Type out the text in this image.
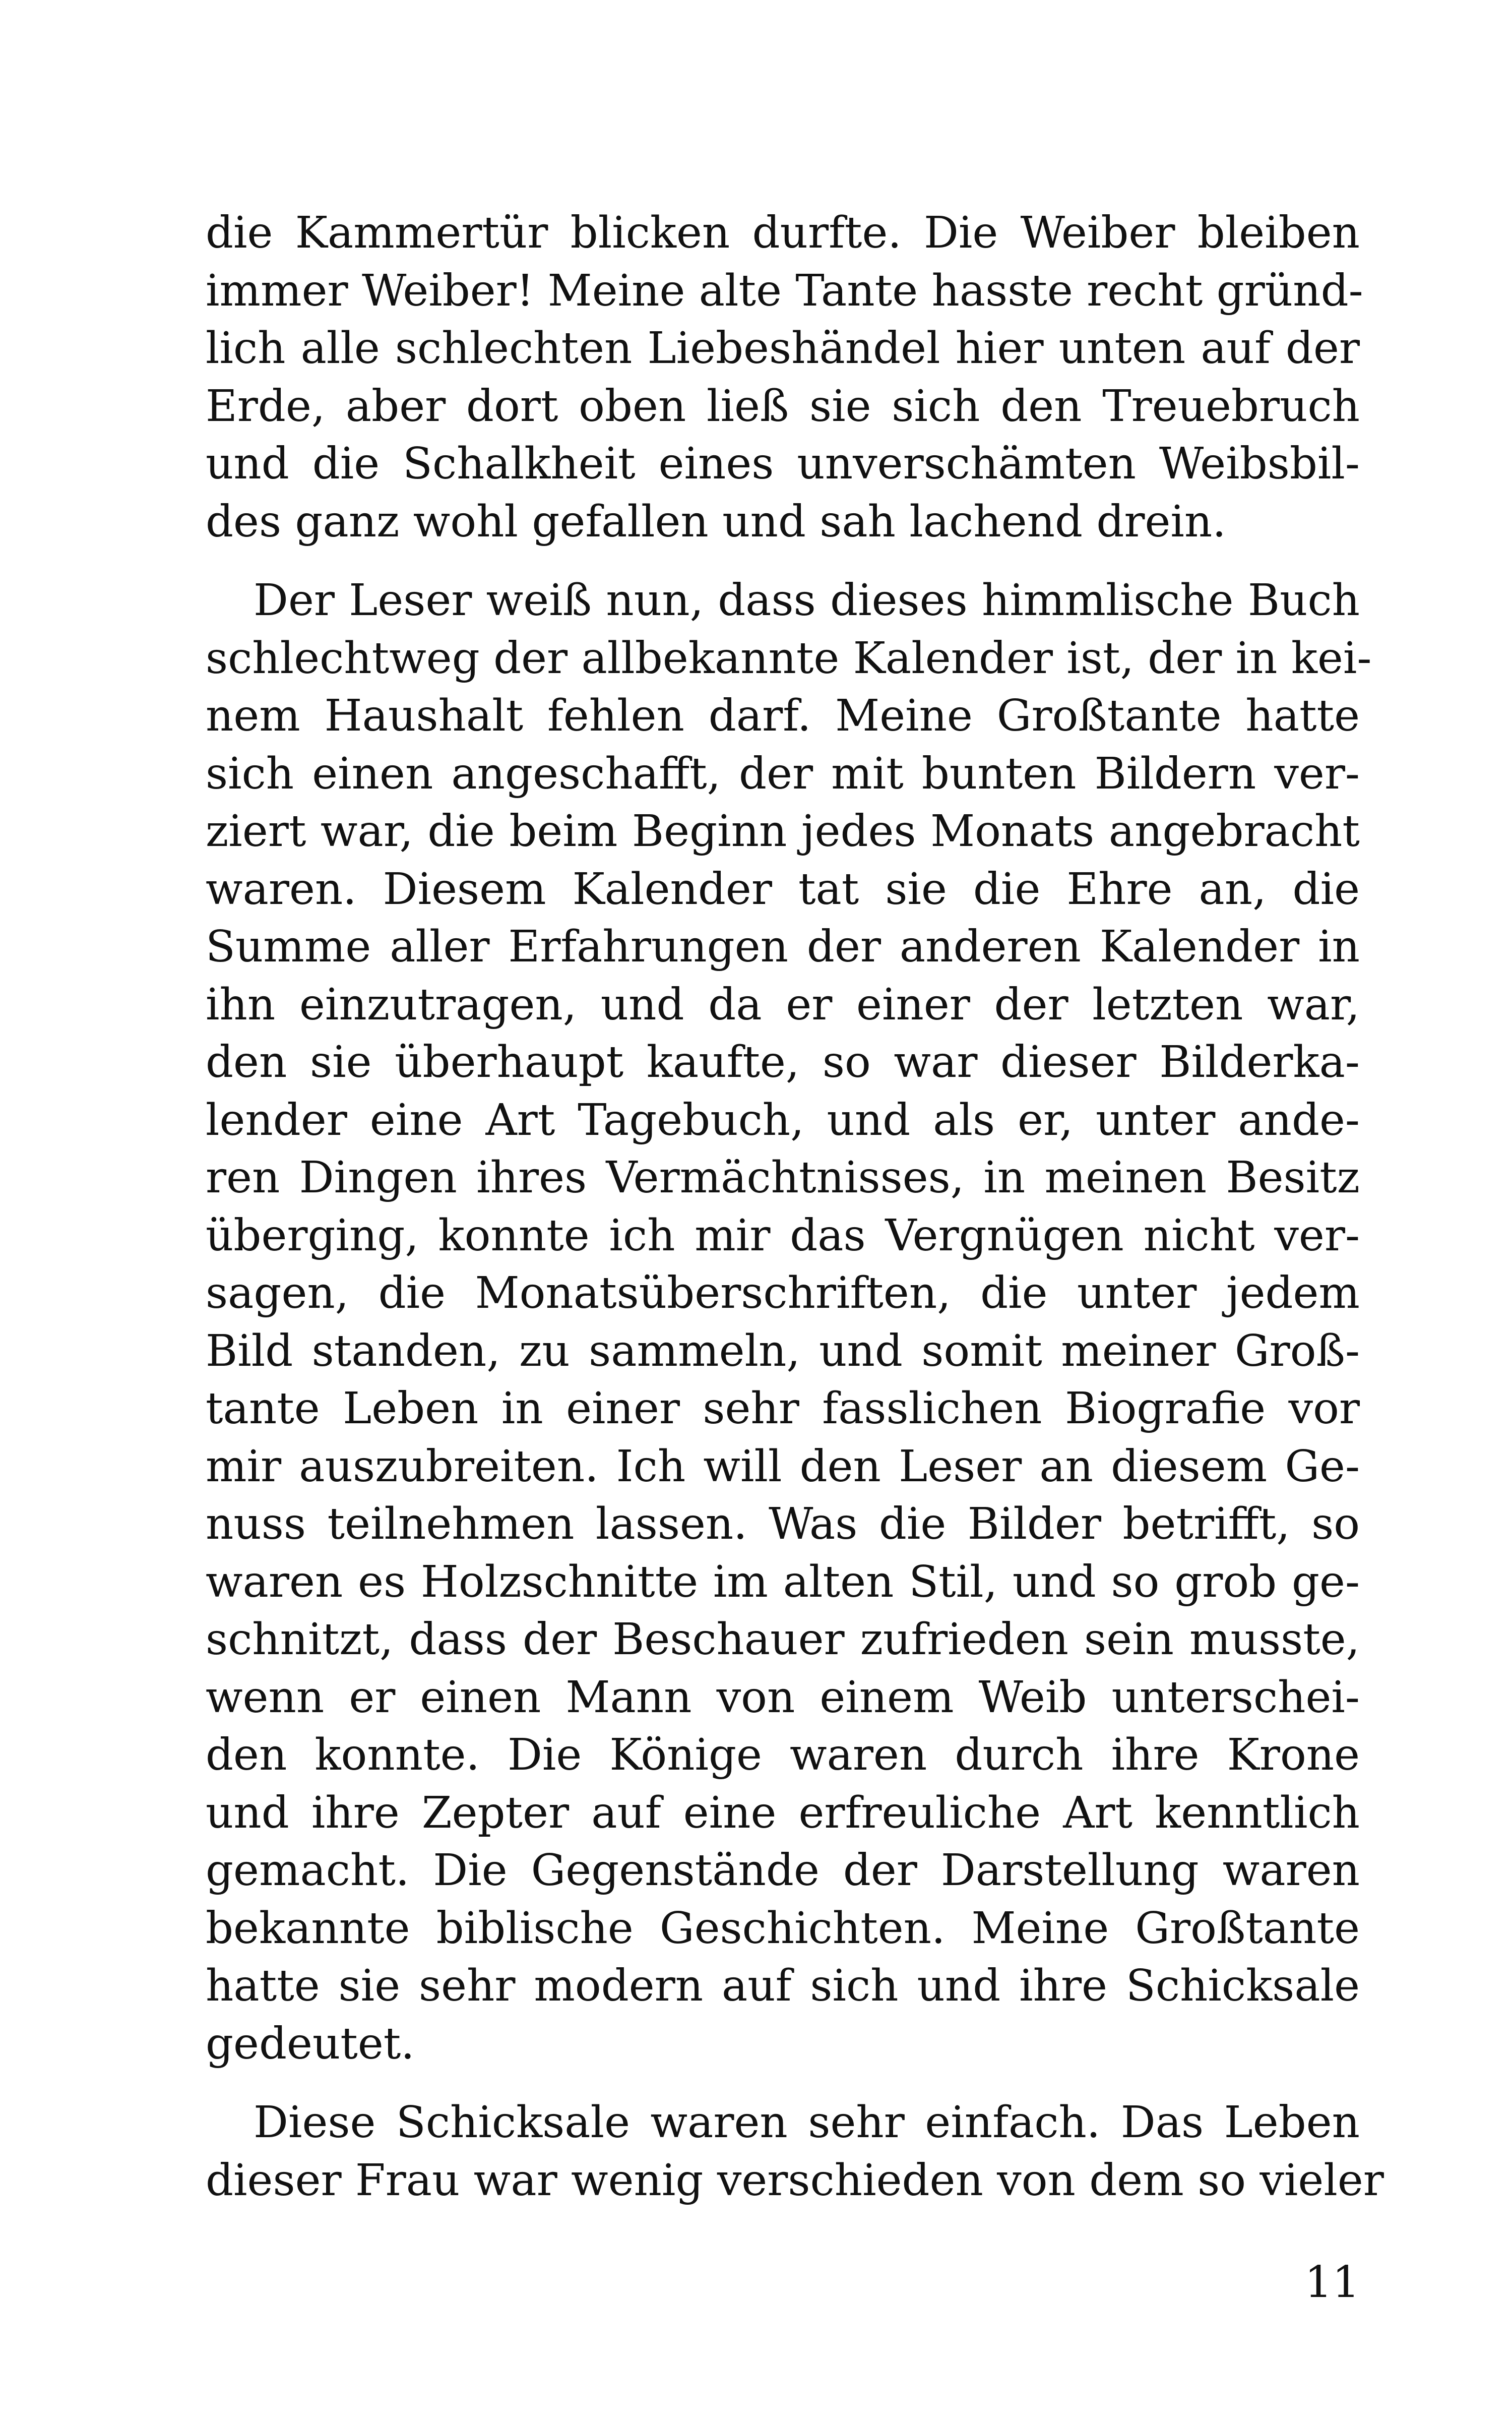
die Kammertür blicken durfte. Die Weiber bleiben
immer Weiber! Meine alte Tante hasste recht gründ-
lich alle schlechten Liebeshändel hier unten auf der
Erde, aber dort oben ließ sie sich den Treuebruch
und die Schalkheit eines unverschämten Weibsbil-
des ganz wohl gefallen und sah lachend drein.

Der Leser weiß nun, dass dieses himmlische Buch
schlechtweg der allbekannte Kalender ist, der in kei-
nem Haushalt fehlen darf. Meine Großtante hatte
sich einen angeschafft, der mit bunten Bildern ver-
ziert war, die beim Beginn jedes Monats angebracht
waren. Diesem Kalender tat sie die Ehre an, die
Summe aller Erfahrungen der anderen Kalender in
ihn einzutragen, und da er einer der letzten war,
den sie überhaupt kaufte, so war dieser Bilderka-
lender eine Art Tagebuch, und als er, unter ande-
ren Dingen ihres Vermächtnisses, in meinen Besitz
überging, konnte ich mir das Vergnügen nicht ver-
sagen, die Monatsüberschriften, die unter jedem
Bild standen, zu sammeln, und somit meiner Groß-
tante Leben in einer sehr fasslichen Biografie vor
mir auszubreiten. Ich will den Leser an diesem Ge-
nuss teilnehmen lassen. Was die Bilder betrifft, so
waren es Holzschnitte im alten Stil, und so grob ge-
schnitzt, dass der Beschauer zufrieden sein musste,
wenn er einen Mann von einem Weib unterschei-
den konnte. Die Könige waren durch ihre Krone
und ihre Zepter auf eine erfreuliche Art kenntlich
gemacht. Die Gegenstände der Darstellung waren
bekannte biblische Geschichten. Meine Großtante
hatte sie sehr modern auf sich und ihre Schicksale
gedeutet.

Diese Schicksale waren sehr einfach. Das Leben
dieser Frau war wenig verschieden von dem so vieler

11
